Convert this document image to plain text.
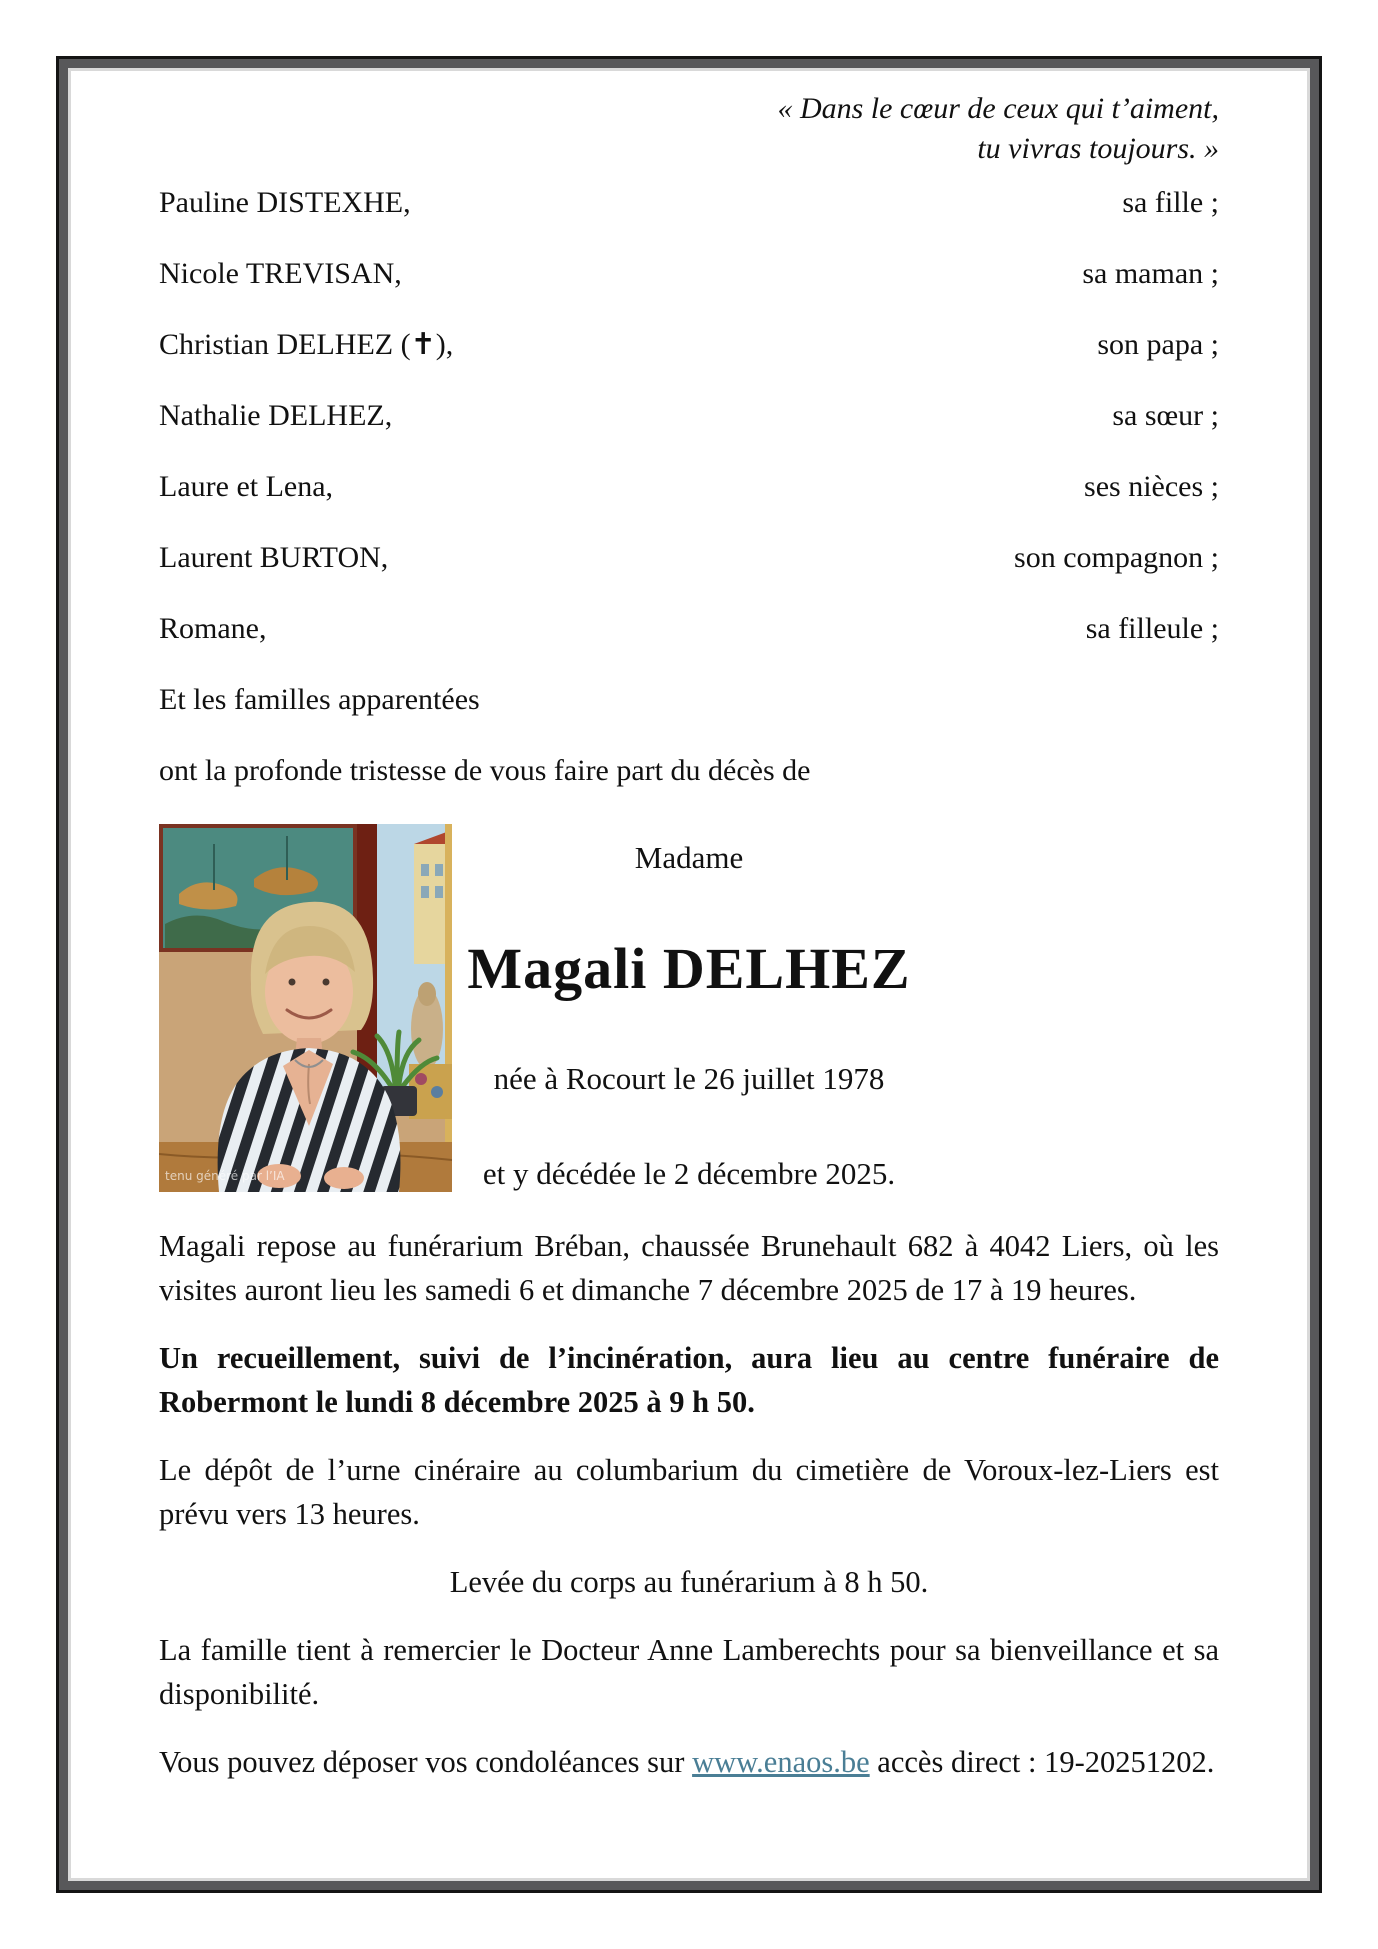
« Dans le cœur de ceux qui t’aiment,
tu vivras toujours. »
Pauline DISTEXHE,	sa fille ;
Nicole TREVISAN,	sa maman ;
Christian DELHEZ (✝),	son papa ;
Nathalie DELHEZ,	sa sœur ;
Laure et Lena,	ses nièces ;
Laurent BURTON,	son compagnon ;
Romane,	sa filleule ;
Et les familles apparentées
ont la profonde tristesse de vous faire part du décès de
tenu généré par l’IA
Madame
Magali DELHEZ
née à Rocourt le 26 juillet 1978
et y décédée le 2 décembre 2025.

Magali repose au funérarium Bréban, chaussée Brunehault 682 à 4042 Liers, où les visites auront lieu les samedi 6 et dimanche 7 décembre 2025 de 17 à 19 heures.

Un recueillement, suivi de l’incinération, aura lieu au centre funéraire de Robermont le lundi 8 décembre 2025 à 9 h 50.

Le dépôt de l’urne cinéraire au columbarium du cimetière de Voroux-lez-Liers est prévu vers 13 heures.

Levée du corps au funérarium à 8 h 50.

La famille tient à remercier le Docteur Anne Lamberechts pour sa bienveillance et sa disponibilité.

Vous pouvez déposer vos condoléances sur www.enaos.be accès direct : 19-20251202.
